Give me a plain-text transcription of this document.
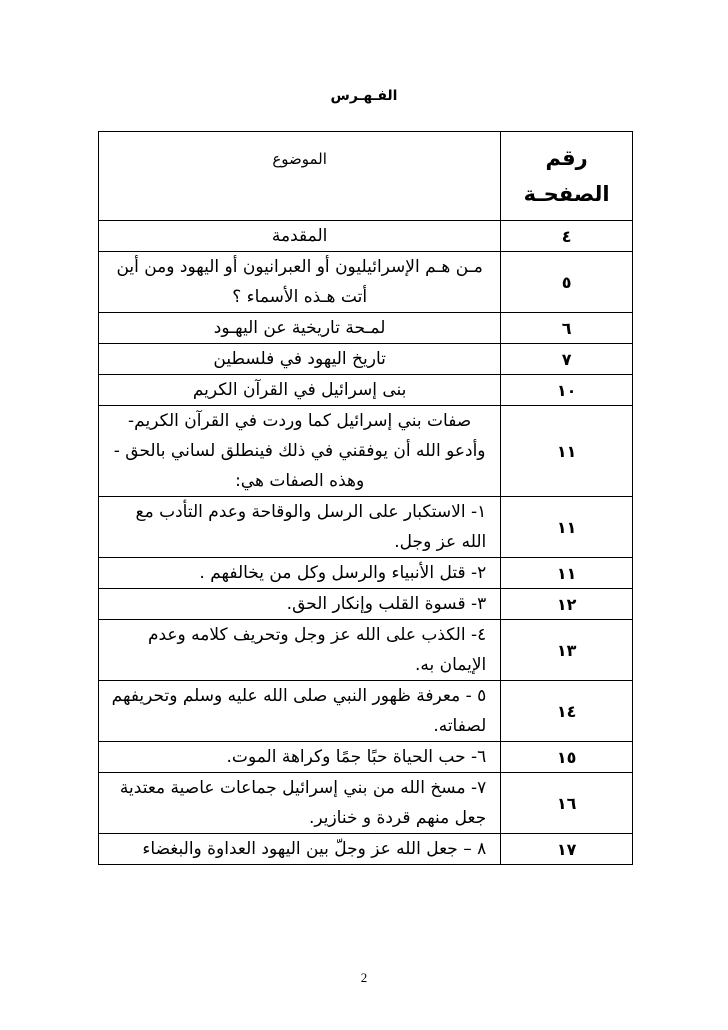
الفـهـرس
رقم الصفحـة	الموضوع
٤	المقدمة
٥	مـن هـم الإسرائيليون أو العبرانيون أو اليهود ومن أين أتت هـذه الأسماء ؟
٦	لمـحة تاريخية عن اليهـود
٧	تاريخ اليهود في فلسطين
١٠	بنى إسرائيل في القرآن الكريم
١١	صفات بني إسرائيل كما وردت في القرآن الكريم- وأدعو الله أن يوفقني في ذلك فينطلق لساني بالحق - وهذه الصفات هي:
١١	١- الاستكبار على الرسل والوقاحة وعدم التأدب مع الله عز وجل.
١١	٢- قتل الأنبياء والرسل وكل من يخالفهم .
١٢	٣- قسوة القلب وإنكار الحق.
١٣	٤- الكذب على الله عز وجل وتحريف كلامه وعدم الإيمان به.
١٤	٥ - معرفة ظهور النبي صلى الله عليه وسلم وتحريفهم لصفاته.
١٥	٦- حب الحياة حبًا جمًا وكراهة الموت.
١٦	٧- مسخ الله من بني إسرائيل جماعات عاصية معتدية جعل منهم قردة و خنازير.
١٧	٨ – جعل الله عز وجلّ بين اليهود العداوة والبغضاء
2
